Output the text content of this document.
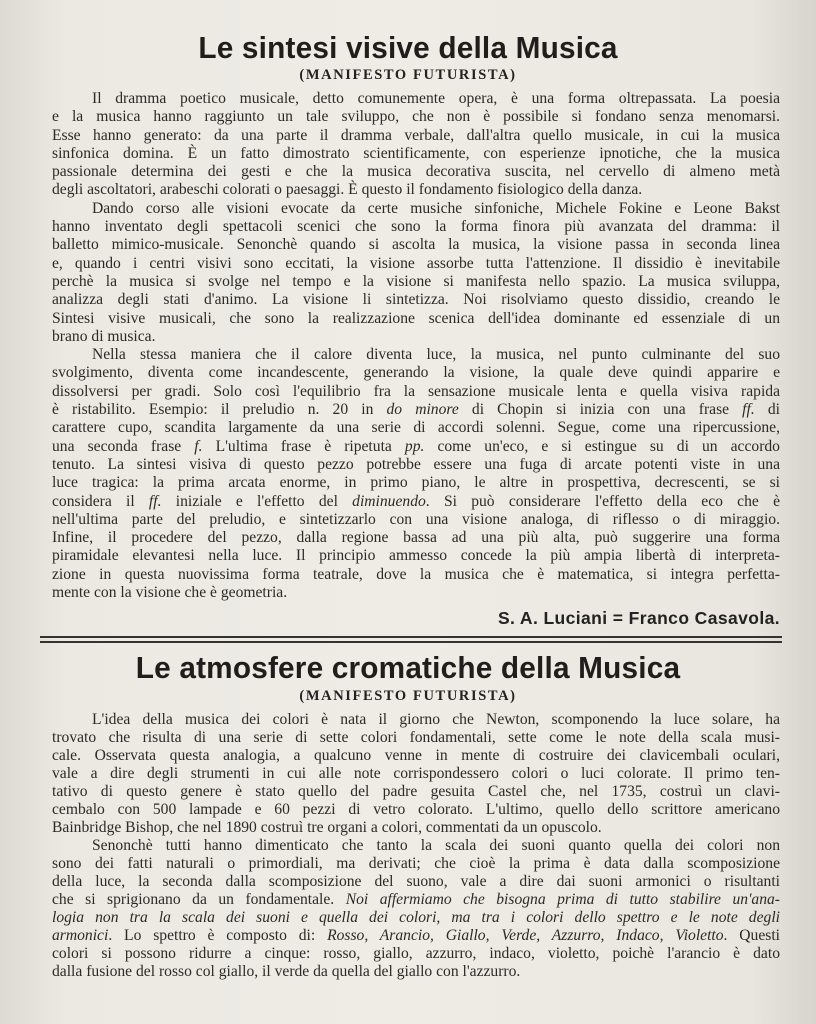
Le sintesi visive della Musica
(MANIFESTO FUTURISTA)
Il dramma poetico musicale, detto comunemente opera, è una forma oltrepassata. La poesia
e la musica hanno raggiunto un tale sviluppo, che non è possibile si fondano senza menomarsi.
Esse hanno generato: da una parte il dramma verbale, dall'altra quello musicale, in cui la musica
sinfonica domina. È un fatto dimostrato scientificamente, con esperienze ipnotiche, che la musica
passionale determina dei gesti e che la musica decorativa suscita, nel cervello di almeno metà
degli ascoltatori, arabeschi colorati o paesaggi. È questo il fondamento fisiologico della danza.
Dando corso alle visioni evocate da certe musiche sinfoniche, Michele Fokine e Leone Bakst
hanno inventato degli spettacoli scenici che sono la forma finora più avanzata del dramma: il
balletto mimico-musicale. Senonchè quando si ascolta la musica, la visione passa in seconda linea
e, quando i centri visivi sono eccitati, la visione assorbe tutta l'attenzione. Il dissidio è inevitabile
perchè la musica si svolge nel tempo e la visione si manifesta nello spazio. La musica sviluppa,
analizza degli stati d'animo. La visione li sintetizza. Noi risolviamo questo dissidio, creando le
Sintesi visive musicali, che sono la realizzazione scenica dell'idea dominante ed essenziale di un
brano di musica.
Nella stessa maniera che il calore diventa luce, la musica, nel punto culminante del suo
svolgimento, diventa come incandescente, generando la visione, la quale deve quindi apparire e
dissolversi per gradi. Solo così l'equilibrio fra la sensazione musicale lenta e quella visiva rapida
è ristabilito. Esempio: il preludio n. 20 in do minore di Chopin si inizia con una frase ff. di
carattere cupo, scandita largamente da una serie di accordi solenni. Segue, come una ripercussione,
una seconda frase f. L'ultima frase è ripetuta pp. come un'eco, e si estingue su di un accordo
tenuto. La sintesi visiva di questo pezzo potrebbe essere una fuga di arcate potenti viste in una
luce tragica: la prima arcata enorme, in primo piano, le altre in prospettiva, decrescenti, se si
considera il ff. iniziale e l'effetto del diminuendo. Si può considerare l'effetto della eco che è
nell'ultima parte del preludio, e sintetizzarlo con una visione analoga, di riflesso o di miraggio.
Infine, il procedere del pezzo, dalla regione bassa ad una più alta, può suggerire una forma
piramidale elevantesi nella luce. Il principio ammesso concede la più ampia libertà di interpreta-
zione in questa nuovissima forma teatrale, dove la musica che è matematica, si integra perfetta-
mente con la visione che è geometria.
S. A. Luciani = Franco Casavola.
Le atmosfere cromatiche della Musica
(MANIFESTO FUTURISTA)
L'idea della musica dei colori è nata il giorno che Newton, scomponendo la luce solare, ha
trovato che risulta di una serie di sette colori fondamentali, sette come le note della scala musi-
cale. Osservata questa analogia, a qualcuno venne in mente di costruire dei clavicembali oculari,
vale a dire degli strumenti in cui alle note corrispondessero colori o luci colorate. Il primo ten-
tativo di questo genere è stato quello del padre gesuita Castel che, nel 1735, costruì un clavi-
cembalo con 500 lampade e 60 pezzi di vetro colorato. L'ultimo, quello dello scrittore americano
Bainbridge Bishop, che nel 1890 costruì tre organi a colori, commentati da un opuscolo.
Senonchè tutti hanno dimenticato che tanto la scala dei suoni quanto quella dei colori non
sono dei fatti naturali o primordiali, ma derivati; che cioè la prima è data dalla scomposizione
della luce, la seconda dalla scomposizione del suono, vale a dire dai suoni armonici o risultanti
che si sprigionano da un fondamentale. Noi affermiamo che bisogna prima di tutto stabilire un'ana-
logia non tra la scala dei suoni e quella dei colori, ma tra i colori dello spettro e le note degli
armonici. Lo spettro è composto di: Rosso, Arancio, Giallo, Verde, Azzurro, Indaco, Violetto. Questi
colori si possono ridurre a cinque: rosso, giallo, azzurro, indaco, violetto, poichè l'arancio è dato
dalla fusione del rosso col giallo, il verde da quella del giallo con l'azzurro.
